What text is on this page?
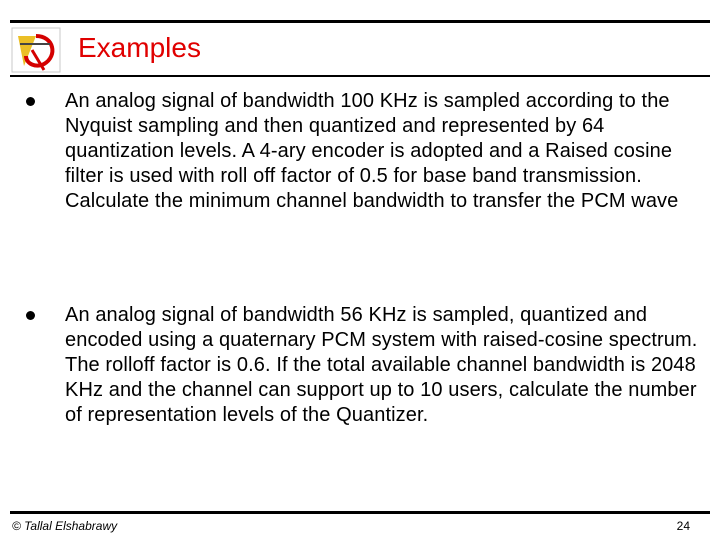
Examples
An analog signal of bandwidth 100 KHz is sampled according to the Nyquist sampling and then quantized and represented by 64 quantization levels. A 4-ary encoder is adopted and a Raised cosine filter is used with roll off factor of 0.5 for base band transmission. Calculate the minimum channel bandwidth to transfer the PCM wave
An analog signal of bandwidth 56 KHz is sampled, quantized and encoded using a quaternary PCM system with raised-cosine spectrum. The rolloff factor is 0.6. If the total available channel bandwidth is 2048 KHz and the channel can support up to 10 users, calculate the number of representation levels of the Quantizer.
© Tallal Elshabrawy	24
